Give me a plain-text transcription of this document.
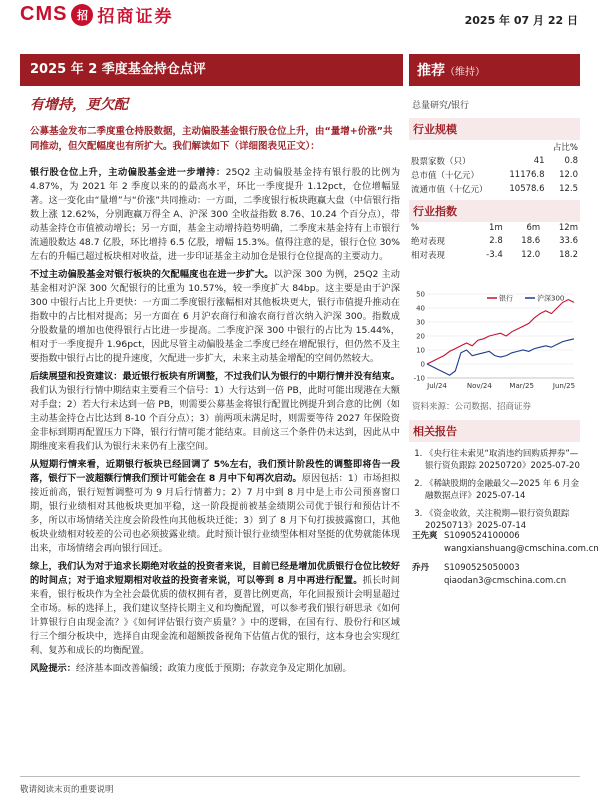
CMS 招 招商证券	2025 年 07 月 22 日
2025 年 2 季度基金持仓点评	推荐（维持）
有增持，更欠配	总量研究/银行
公募基金发布二季度重仓持股数据，主动偏股基金银行股仓位上升，由“量增+价涨”共同推动，但欠配幅度也有所扩大。我们解读如下（详细图表见正文）：

银行股仓位上升，主动偏股基金进一步增持：25Q2 主动偏股基金持有银行股的比例为 4.87%，为 2021 年 2 季度以来的的最高水平，环比一季度提升 1.12pct，仓位增幅显著。这一变化由“量增”与“价涨”共同推动：一方面，二季度银行板块跑赢大盘（中信银行指数上涨 12.62%，分别跑赢万得全 A、沪深 300 全收益指数 8.76、10.24 个百分点），带动基金持仓市值被动增长；另一方面，基金主动增持趋势明确，二季度末基金持有上市银行流通股数达 48.7 亿股，环比增持 6.5 亿股，增幅 15.3%。值得注意的是，银行仓位 30%左右的升幅已超过板块相对收益，进一步印证基金主动加仓是银行仓位提高的主要动力。

不过主动偏股基金对银行板块的欠配幅度也在进一步扩大。以沪深 300 为例，25Q2 主动基金相对沪深 300 欠配银行的比重为 10.57%，较一季度扩大 84bp。这主要是由于沪深 300 中银行占比上升更快：一方面二季度银行涨幅相对其他板块更大，银行市值提升推动在指数中的占比相对提高；另一方面在 6 月沪农商行和渝农商行首次纳入沪深 300。指数成分股数量的增加也使得银行占比进一步提高。二季度沪深 300 中银行的占比为 15.44%，相对于一季度提升 1.96pct，因此尽管主动偏股基金二季度已经在增配银行，但仍然不及主要指数中银行占比的提升速度，欠配进一步扩大，未来主动基金增配的空间仍然较大。

后续展望和投资建议：最近银行板块有所调整，不过我们认为银行的中期行情并没有结束。我们认为银行行情中期结束主要看三个信号：1）大行达到一倍 PB，此时可能出现港在大额对手盘；2）若大行未达到一倍 PB，则需要公募基金将银行配置比例提升到合意的比例（如主动基金持仓占比达到 8-10 个百分点）；3）前两项未满足时，则需要等待 2027 年保险资金非标到期再配置压力下降，银行行情可能才能结束。目前这三个条件仍未达到，因此从中期维度来看我们认为银行未来仍有上涨空间。

从短期行情来看，近期银行板块已经回调了 5%左右，我们预计阶段性的调整即将告一段落，银行下一波超额行情我们预计可能会在 8 月中下旬再次启动。原因包括：1）市场担拟接近前高，银行短暂调整可为 9 月后行情蓄力；2）7 月中到 8 月中是上市公司预喜窗口期，银行业绩相对其他板块更加平稳，这一阶段提前被基金绩期公司优于银行和预估计不多，所以市场情绪关注度会阶段性向其他板块迁徙；3）到了 8 月下旬打拔披露窗口，其他板块业绩相对较差的公司也必须披露业绩。此时预计银行业绩型体相对坚挺的优势就能体现出来，市场情绪会再向银行回迁。

综上，我们认为对于追求长期绝对收益的投资者来说，目前已经是增加优质银行仓位比较好的时间点；对于追求短期相对收益的投资者来说，可以等到 8 月中再进行配置。抓长时间来看，银行板块作为全社会最优质的债权拥有者，夏普比例更高，年化回报预计会明显超过全市场。标的选择上，我们建议坚持长期主义和均衡配置，可以参考我们银行研思录《如何计算银行自由现金流？》《如何评估银行资产质量？》中的逻辑，在国有行、股份行和区域行三个细分板块中，选择自由现金流和超额拨备视角下估值占优的银行，这本身也会实现红利、复苏和成长的均衡配置。

风险提示：经济基本面改善偏缓；政策力度低于预期；存款竞争及定期化加剧。

行业规模
		占比%
股票家数（只）	41	0.8
总市值（十亿元）	11176.8	12.0
流通市值（十亿元）	10578.6	12.5
行业指数
%	1m	6m	12m
绝对表现	2.8	18.6	33.6
相对表现	-3.4	12.0	18.2
50
40
30
20
10
0
-10
Jul/24	Nov/24	Mar/25	Jun/25
银行	沪深300
资料来源：公司数据、招商证券
相关报告
1. 《央行往未索见“取消违约回购质押券”—银行资负跟踪 20250720》2025-07-20
2. 《稀缺股期的金融最父—2025 年 6 月金融数据点评》2025-07-14
3. 《资金收敛，关注税期—银行资负跟踪 20250713》2025-07-14
王先爽 S1090524100006
wangxianshuang@cmschina.com.cn
乔丹 S1090525050003
qiaodan3@cmschina.com.cn
敬请阅读末页的重要说明
